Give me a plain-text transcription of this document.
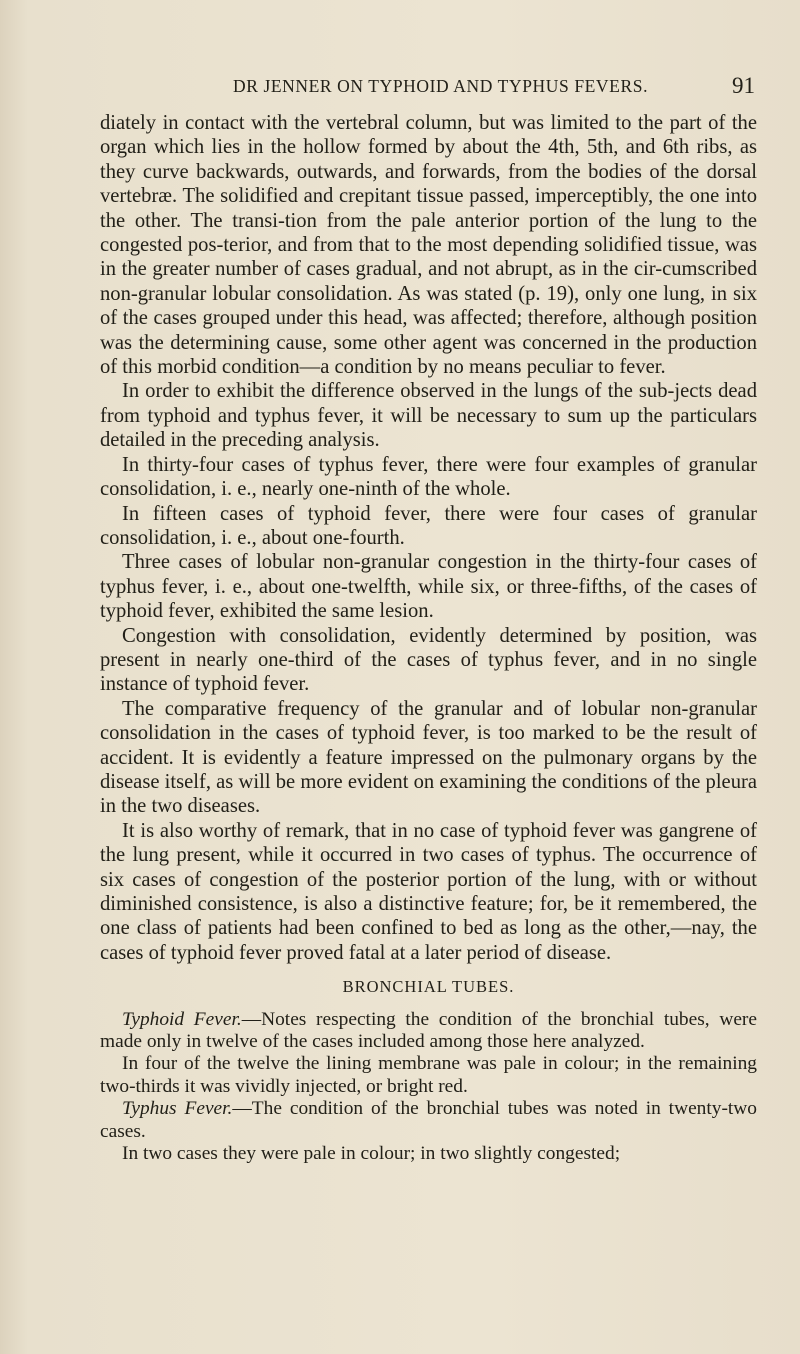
DR JENNER ON TYPHOID AND TYPHUS FEVERS.	91

diately in contact with the vertebral column, but was limited to the part of the organ which lies in the hollow formed by about the 4th, 5th, and 6th ribs, as they curve backwards, outwards, and forwards, from the bodies of the dorsal vertebræ. The solidified and crepitant tissue passed, imperceptibly, the one into the other. The transi-tion from the pale anterior portion of the lung to the congested pos-terior, and from that to the most depending solidified tissue, was in the greater number of cases gradual, and not abrupt, as in the cir-cumscribed non-granular lobular consolidation. As was stated (p. 19), only one lung, in six of the cases grouped under this head, was affected; therefore, although position was the determining cause, some other agent was concerned in the production of this morbid condition—a condition by no means peculiar to fever.

In order to exhibit the difference observed in the lungs of the sub-jects dead from typhoid and typhus fever, it will be necessary to sum up the particulars detailed in the preceding analysis.

In thirty-four cases of typhus fever, there were four examples of granular consolidation, i. e., nearly one-ninth of the whole.

In fifteen cases of typhoid fever, there were four cases of granular consolidation, i. e., about one-fourth.

Three cases of lobular non-granular congestion in the thirty-four cases of typhus fever, i. e., about one-twelfth, while six, or three-fifths, of the cases of typhoid fever, exhibited the same lesion.

Congestion with consolidation, evidently determined by position, was present in nearly one-third of the cases of typhus fever, and in no single instance of typhoid fever.

The comparative frequency of the granular and of lobular non-granular consolidation in the cases of typhoid fever, is too marked to be the result of accident. It is evidently a feature impressed on the pulmonary organs by the disease itself, as will be more evident on examining the conditions of the pleura in the two diseases.

It is also worthy of remark, that in no case of typhoid fever was gangrene of the lung present, while it occurred in two cases of typhus. The occurrence of six cases of congestion of the posterior portion of the lung, with or without diminished consistence, is also a distinctive feature; for, be it remembered, the one class of patients had been confined to bed as long as the other,—nay, the cases of typhoid fever proved fatal at a later period of disease.

BRONCHIAL TUBES.

Typhoid Fever.—Notes respecting the condition of the bronchial tubes, were made only in twelve of the cases included among those here analyzed.

In four of the twelve the lining membrane was pale in colour; in the remaining two-thirds it was vividly injected, or bright red.

Typhus Fever.—The condition of the bronchial tubes was noted in twenty-two cases.

In two cases they were pale in colour; in two slightly congested;
